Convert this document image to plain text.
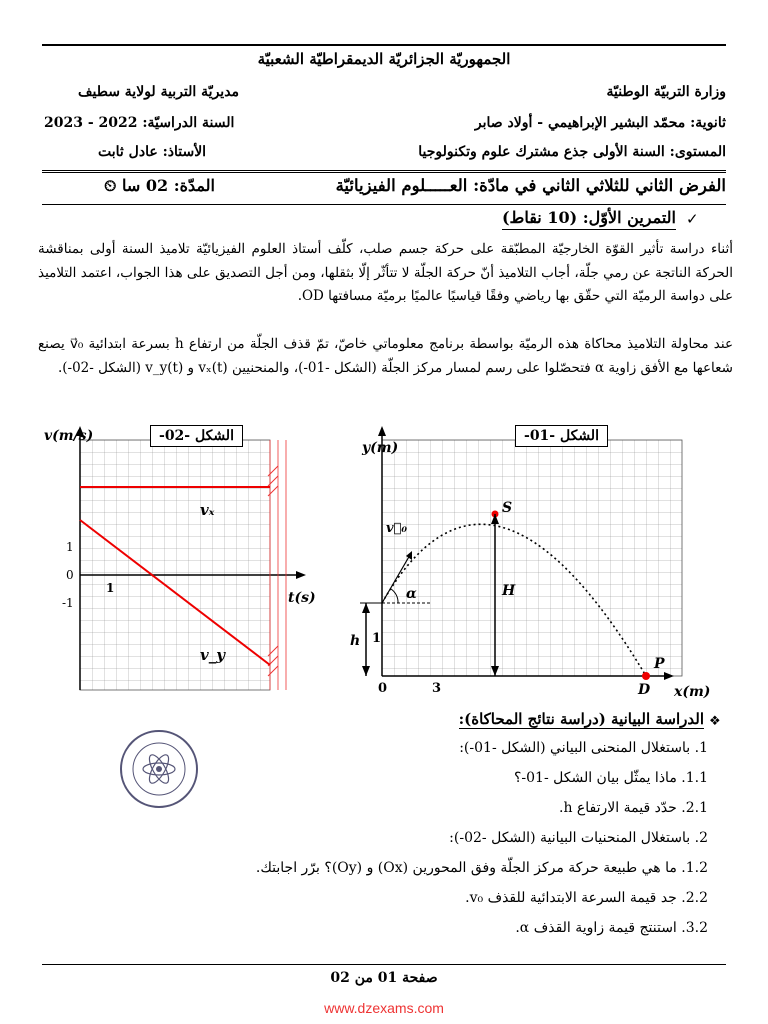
الجمهوريّة الجزائريّة الديمقراطيّة الشعبيّة
وزارة التربيّة الوطنيّة
مديريّة التربية لولاية سطيف
ثانوية: محمّد البشير الإبراهيمي - أولاد صابر
السنة الدراسيّة: 2022 - 2023
المستوى: السنة الأولى جذع مشترك علوم وتكنولوجيا
الأستاذ: عادل ثابت
الفرض الثاني للثلاثي الثاني في مادّة: العـــــلوم الفيزيائيّة
المدّة: 02 سا ⏲
✓
التمرين الأوّل: (10 نقاط)
أثناء دراسة تأثير القوّة الخارجيّة المطبّقة على حركة جسم صلب، كلّف أستاذ العلوم الفيزيائيّة تلاميذ السنة أولى بمناقشة الحركة الناتجة عن رمي جلّة، أجاب التلاميذ أنّ حركة الجلّة لا تتأثّر إلّا بثقلها، ومن أجل التصديق على هذا الجواب، اعتمد التلاميذ على دواسة الرميّة التي حقّق بها رياضي وفقًا قياسيًا عالميًا برميّة مسافتها OD.
عند محاولة التلاميذ محاكاة هذه الرميّة بواسطة برنامج معلوماتي خاصّ، تمّ قذف الجلّة من ارتفاع h بسرعة ابتدائية v⃗₀ يصنع شعاعها مع الأفق زاوية α فتحصّلوا على رسم لمسار مركز الجلّة (الشكل -01-)، والمنحنيين vₓ(t) و v_y(t) (الشكل -02-).
v(m/s)
t(s)
vₓ
v_y
1
0
-1
1
الشكل -02-
y(m)
x(m)
0	3
1
S
P
D
H
h
v⃗₀
α
الشكل -01-
❖
الدراسة البيانية (دراسة نتائج المحاكاة):
1. باستغلال المنحنى البياني (الشكل -01-):
1.1. ماذا يمثّل بيان الشكل -01-؟
2.1. حدّد قيمة الارتفاع h.
2. باستغلال المنحنيات البيانية (الشكل -02-):
1.2. ما هي طبيعة حركة مركز الجلّة وفق المحورين (Ox) و (Oy)؟ برّر اجابتك.
2.2. جد قيمة السرعة الابتدائية للقذف v₀.
3.2. استنتج قيمة زاوية القذف α.
صفحة 01 من 02
www.dzexams.com
